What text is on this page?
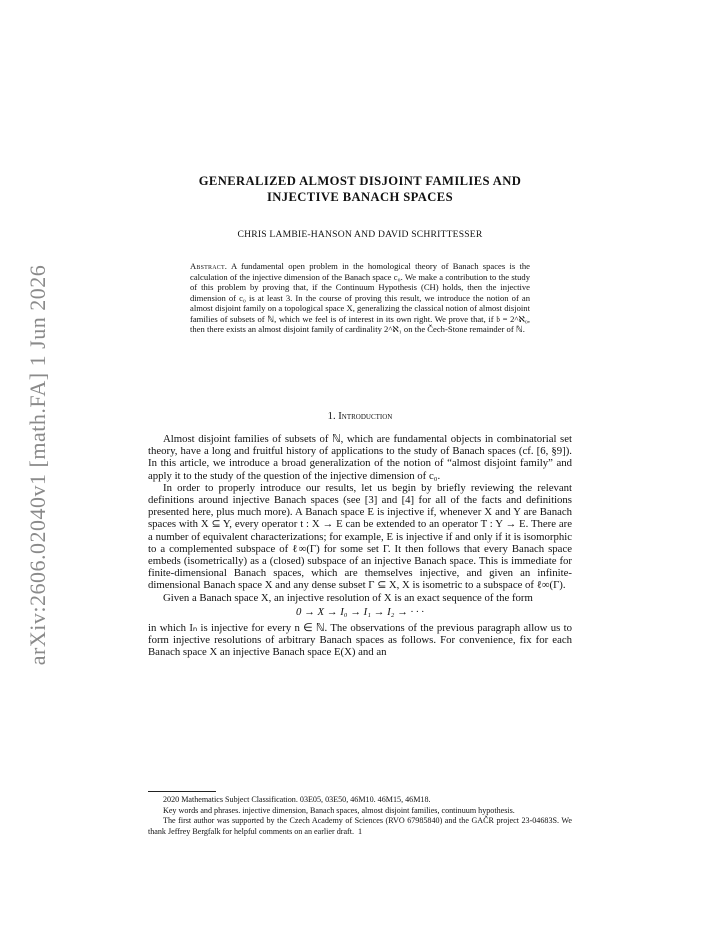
arXiv:2606.02040v1 [math.FA] 1 Jun 2026
GENERALIZED ALMOST DISJOINT FAMILIES AND
INJECTIVE BANACH SPACES
CHRIS LAMBIE-HANSON AND DAVID SCHRITTESSER
Abstract. A fundamental open problem in the homological theory of Banach spaces is the calculation of the injective dimension of the Banach space c₀. We make a contribution to the study of this problem by proving that, if the Continuum Hypothesis (CH) holds, then the injective dimension of c₀ is at least 3. In the course of proving this result, we introduce the notion of an almost disjoint family on a topological space X, generalizing the classical notion of almost disjoint families of subsets of ℕ, which we feel is of interest in its own right. We prove that, if 𝔟 = 2^ℵ₀, then there exists an almost disjoint family of cardinality 2^ℵ₁ on the Čech-Stone remainder of ℕ.
1. Introduction

Almost disjoint families of subsets of ℕ, which are fundamental objects in combinatorial set theory, have a long and fruitful history of applications to the study of Banach spaces (cf. [6, §9]). In this article, we introduce a broad generalization of the notion of “almost disjoint family” and apply it to the study of the question of the injective dimension of c₀.

In order to properly introduce our results, let us begin by briefly reviewing the relevant definitions around injective Banach spaces (see [3] and [4] for all of the facts and definitions presented here, plus much more). A Banach space E is injective if, whenever X and Y are Banach spaces with X ⊆ Y, every operator t : X → E can be extended to an operator T : Y → E. There are a number of equivalent characterizations; for example, E is injective if and only if it is isomorphic to a complemented subspace of ℓ∞(Γ) for some set Γ. It then follows that every Banach space embeds (isometrically) as a (closed) subspace of an injective Banach space. This is immediate for finite-dimensional Banach spaces, which are themselves injective, and given an infinite-dimensional Banach space X and any dense subset Γ ⊆ X, X is isometric to a subspace of ℓ∞(Γ).

Given a Banach space X, an injective resolution of X is an exact sequence of the form

0 → X → I₀ → I₁ → I₂ → · · ·

in which Iₙ is injective for every n ∈ ℕ. The observations of the previous paragraph allow us to form injective resolutions of arbitrary Banach spaces as follows. For convenience, fix for each Banach space X an injective Banach space E(X) and an

2020 Mathematics Subject Classification. 03E05, 03E50, 46M10. 46M15, 46M18.

Key words and phrases. injective dimension, Banach spaces, almost disjoint families, continuum hypothesis.

The first author was supported by the Czech Academy of Sciences (RVO 67985840) and the GAČR project 23-04683S. We thank Jeffrey Bergfalk for helpful comments on an earlier draft. 1
